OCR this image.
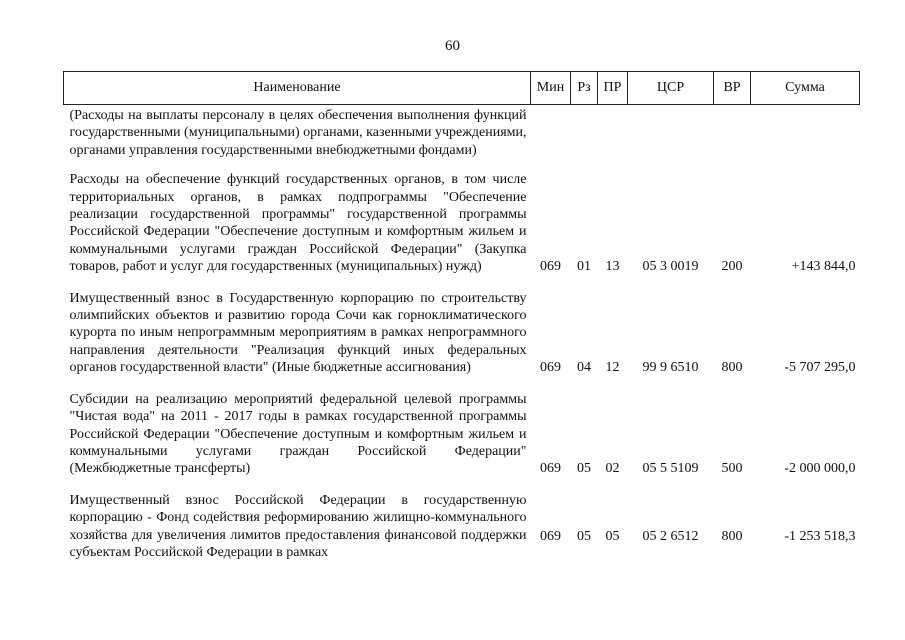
60
Наименование	Мин	Рз	ПР	ЦСР	ВР	Сумма
(Расходы на выплаты персоналу в целях обеспечения выполнения функций государственными (муниципальными) органами, казенными учреждениями, органами управления государственными внебюджетными фондами)						
Расходы на обеспечение функций государственных органов, в том числе территориальных органов, в рамках подпрограммы "Обеспечение реализации государственной программы" государственной программы Российской Федерации "Обеспечение доступным и комфортным жильем и коммунальными услугами граждан Российской Федерации" (Закупка товаров, работ и услуг для государственных (муниципальных) нужд)	069	01	13	05 3 0019	200	+143 844,0
Имущественный взнос в Государственную корпорацию по строительству олимпийских объектов и развитию города Сочи как горноклиматического курорта по иным непрограммным мероприятиям в рамках непрограммного направления деятельности "Реализация функций иных федеральных органов государственной власти" (Иные бюджетные ассигнования)	069	04	12	99 9 6510	800	-5 707 295,0
Субсидии на реализацию мероприятий федеральной целевой программы "Чистая вода" на 2011 - 2017 годы в рамках государственной программы Российской Федерации "Обеспечение доступным и комфортным жильем и коммунальными услугами граждан Российской Федерации" (Межбюджетные трансферты)	069	05	02	05 5 5109	500	-2 000 000,0
Имущественный взнос Российской Федерации в государственную корпорацию - Фонд содействия реформированию жилищно-коммунального хозяйства для увеличения лимитов предоставления финансовой поддержки субъектам Российской Федерации в рамках	069	05	05	05 2 6512	800	-1 253 518,3
